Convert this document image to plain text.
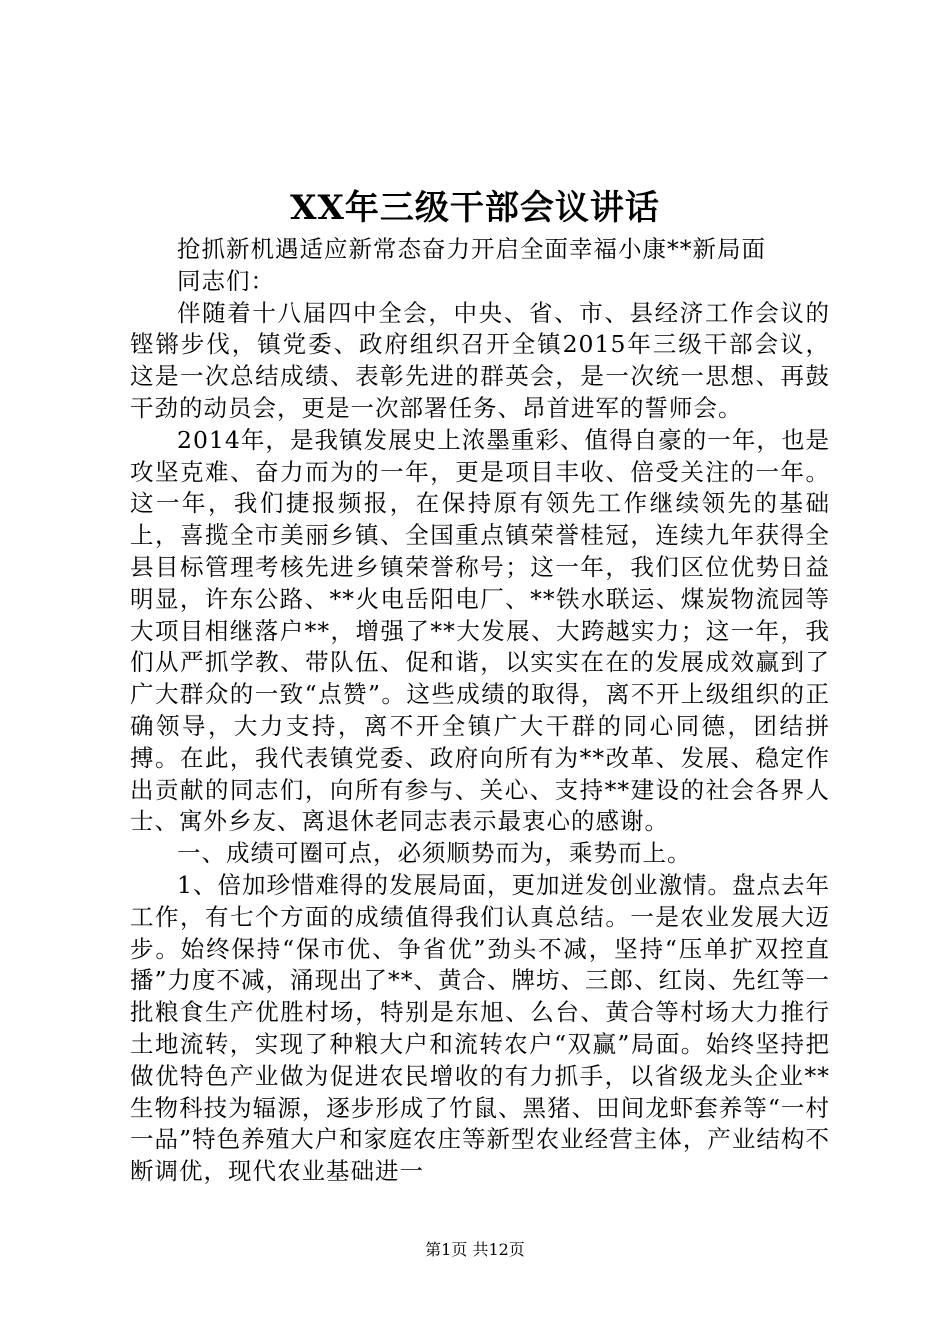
XX年三级干部会议讲话

抢抓新机遇适应新常态奋力开启全面幸福小康**新局面

同志们：

伴随着十八届四中全会，中央、省、市、县经济工作会议的铿锵步伐，镇党委、政府组织召开全镇2015年三级干部会议，这是一次总结成绩、表彰先进的群英会，是一次统一思想、再鼓干劲的动员会，更是一次部署任务、昂首进军的誓师会。

2014年，是我镇发展史上浓墨重彩、值得自豪的一年，也是攻坚克难、奋力而为的一年，更是项目丰收、倍受关注的一年。这一年，我们捷报频报，在保持原有领先工作继续领先的基础上，喜揽全市美丽乡镇、全国重点镇荣誉桂冠，连续九年获得全县目标管理考核先进乡镇荣誉称号；这一年，我们区位优势日益明显，许东公路、**火电岳阳电厂、**铁水联运、煤炭物流园等大项目相继落户**，增强了**大发展、大跨越实力；这一年，我们从严抓学教、带队伍、促和谐，以实实在在的发展成效赢到了广大群众的一致“点赞”。这些成绩的取得，离不开上级组织的正确领导，大力支持，离不开全镇广大干群的同心同德，团结拼搏。在此，我代表镇党委、政府向所有为**改革、发展、稳定作出贡献的同志们，向所有参与、关心、支持**建设的社会各界人士、寓外乡友、离退休老同志表示最衷心的感谢。

一、成绩可圈可点，必须顺势而为，乘势而上。

1、倍加珍惜难得的发展局面，更加迸发创业激情。盘点去年工作，有七个方面的成绩值得我们认真总结。一是农业发展大迈步。始终保持“保市优、争省优”劲头不减，坚持“压单扩双控直播”力度不减，涌现出了**、黄合、牌坊、三郎、红岗、先红等一批粮食生产优胜村场，特别是东旭、么台、黄合等村场大力推行土地流转，实现了种粮大户和流转农户“双赢”局面。始终坚持把做优特色产业做为促进农民增收的有力抓手，以省级龙头企业**生物科技为辐源，逐步形成了竹鼠、黑猪、田间龙虾套养等“一村一品”特色养殖大户和家庭农庄等新型农业经营主体，产业结构不断调优，现代农业基础进一

第1页 共12页
